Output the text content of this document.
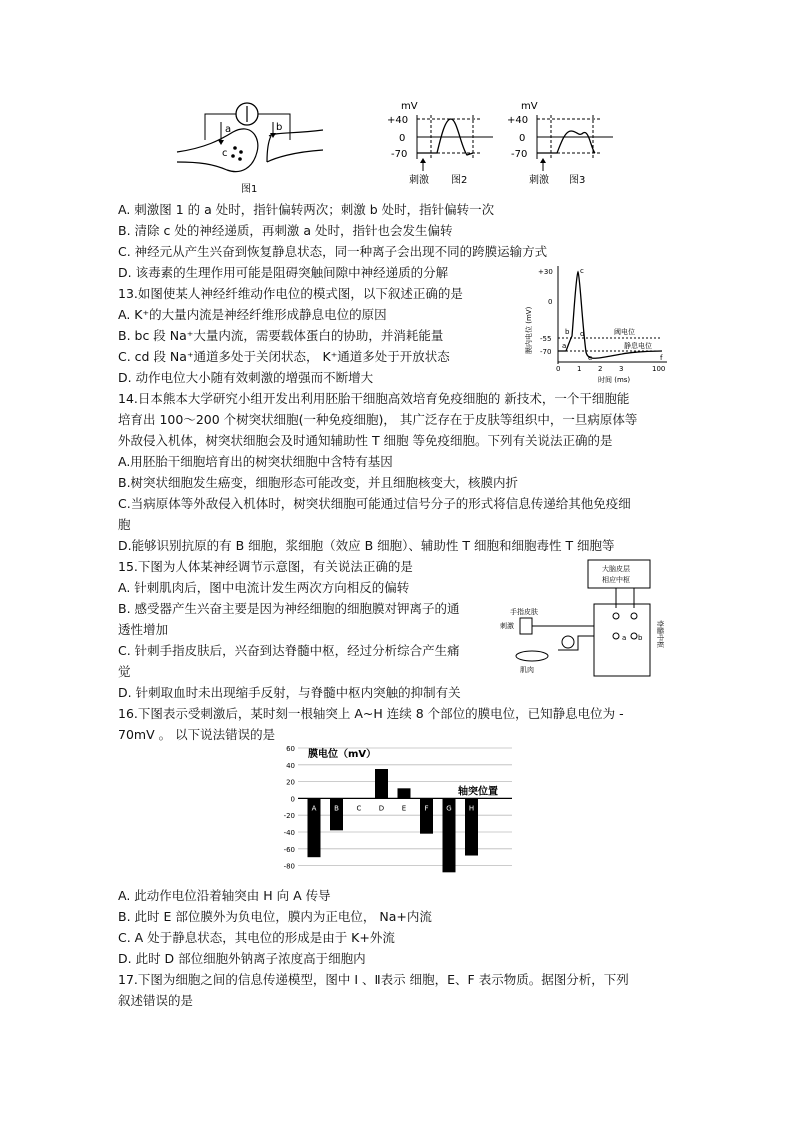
a	b
c
图1
mV
+40
0
-70
刺激 图2
mV
+40
0
-70
刺激 图3
A. 刺激图 1 的 a 处时，指针偏转两次；刺激 b 处时，指针偏转一次
B. 清除 c 处的神经递质，再刺激 a 处时，指针也会发生偏转
C. 神经元从产生兴奋到恢复静息状态，同一种离子会出现不同的跨膜运输方式
D. 该毒素的生理作用可能是阻碍突触间隙中神经递质的分解
13.如图使某人神经纤维动作电位的模式图，以下叙述正确的是
A. K⁺的大量内流是神经纤维形成静息电位的原因
B. bc 段 Na⁺大量内流，需要载体蛋白的协助，并消耗能量
C. cd 段 Na⁺通道多处于关闭状态， K⁺通道多处于开放状态
D. 动作电位大小随有效刺激的增强而不断增大
膜内电位 (mV)
+30
0
-55
-70
a
b
c
d
e	f
阈电位
静息电位
0 1 2 3	100
时间 (ms)
14.日本熊本大学研究小组开发出利用胚胎干细胞高效培育免疫细胞的 新技术，一个干细胞能
培育出 100～200 个树突状细胞(一种免疫细胞)， 其广泛存在于皮肤等组织中，一旦病原体等
外敌侵入机体，树突状细胞会及时通知辅助性 T 细胞 等免疫细胞。下列有关说法正确的是
A.用胚胎干细胞培育出的树突状细胞中含特有基因
B.树突状细胞发生癌变，细胞形态可能改变，并且细胞核变大，核膜内折
C.当病原体等外敌侵入机体时，树突状细胞可能通过信号分子的形式将信息传递给其他免疫细
胞
D.能够识别抗原的有 B 细胞，浆细胞（效应 B 细胞）、辅助性 T 细胞和细胞毒性 T 细胞等
15.下图为人体某神经调节示意图，有关说法正确的是
A. 针刺肌肉后，图中电流计发生两次方向相反的偏转
B. 感受器产生兴奋主要是因为神经细胞的细胞膜对钾离子的通
透性增加
C. 针刺手指皮肤后，兴奋到达脊髓中枢，经过分析综合产生痛
觉
D. 针刺取血时未出现缩手反射，与脊髓中枢内突触的抑制有关
大脑皮层
相应中枢
脊髓中枢
a b
手指皮肤
刺激
肌肉
16.下图表示受刺激后，某时刻一根轴突上 A~H 连续 8 个部位的膜电位，已知静息电位为 -
70mV 。 以下说法错误的是
60
40
20
0
-20
-40
-60
-80
A	B	C D	E	F	G H
膜电位（mV）
轴突位置
A. 此动作电位沿着轴突由 H 向 A 传导
B. 此时 E 部位膜外为负电位，膜内为正电位， Na+内流
C. A 处于静息状态，其电位的形成是由于 K+外流
D. 此时 D 部位细胞外钠离子浓度高于细胞内
17.下图为细胞之间的信息传递模型，图中 Ⅰ 、Ⅱ表示 细胞，E、F 表示物质。据图分析，下列
叙述错误的是
